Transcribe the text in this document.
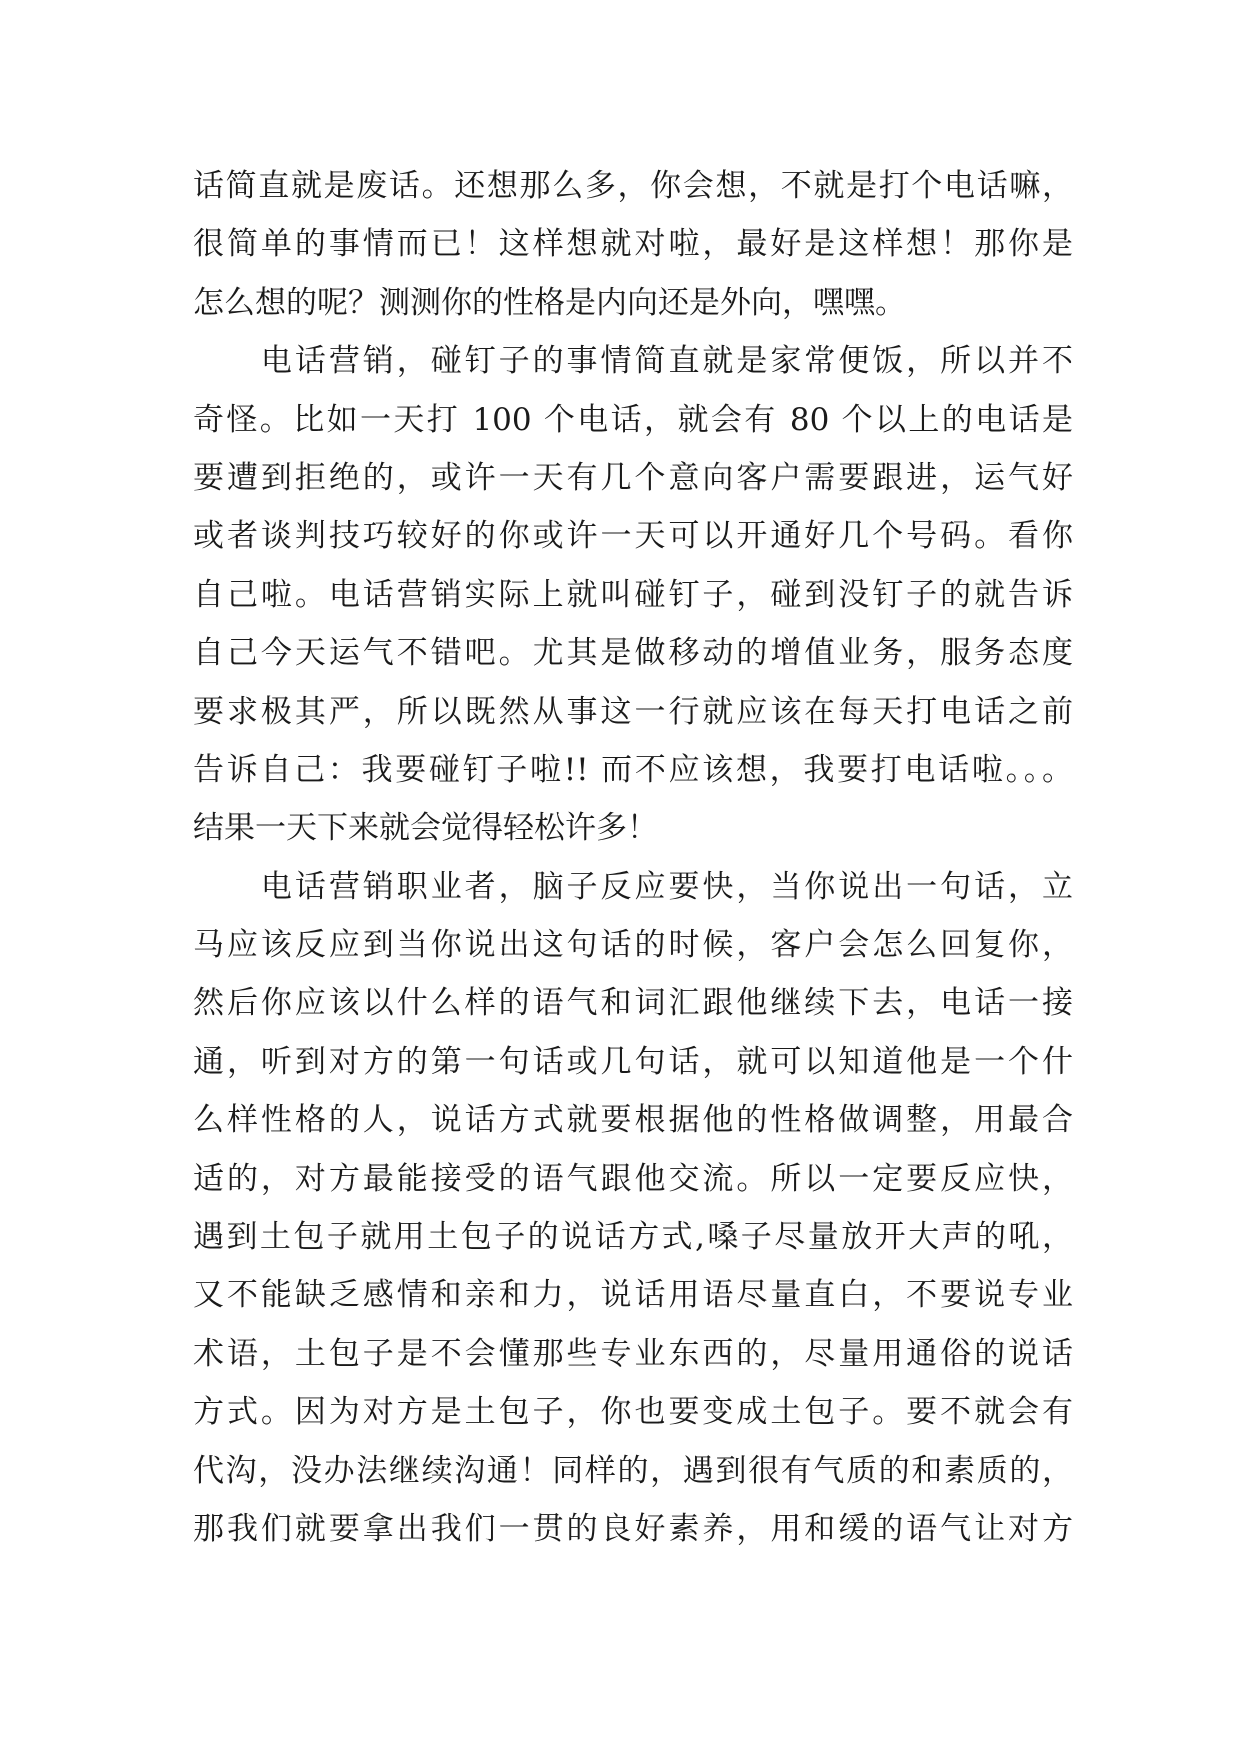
话简直就是废话。还想那么多，你会想，不就是打个电话嘛，
很简单的事情而已！这样想就对啦，最好是这样想！那你是
怎么想的呢？测测你的性格是内向还是外向，嘿嘿。
　　电话营销，碰钉子的事情简直就是家常便饭，所以并不
奇怪。比如一天打 100 个电话，就会有 80 个以上的电话是
要遭到拒绝的，或许一天有几个意向客户需要跟进，运气好
或者谈判技巧较好的你或许一天可以开通好几个号码。看你
自己啦。电话营销实际上就叫碰钉子，碰到没钉子的就告诉
自己今天运气不错吧。尤其是做移动的增值业务，服务态度
要求极其严，所以既然从事这一行就应该在每天打电话之前
告诉自己：我要碰钉子啦!! 而不应该想，我要打电话啦。。。
结果一天下来就会觉得轻松许多！
　　电话营销职业者，脑子反应要快，当你说出一句话，立
马应该反应到当你说出这句话的时候，客户会怎么回复你，
然后你应该以什么样的语气和词汇跟他继续下去，电话一接
通，听到对方的第一句话或几句话，就可以知道他是一个什
么样性格的人，说话方式就要根据他的性格做调整，用最合
适的，对方最能接受的语气跟他交流。所以一定要反应快，
遇到土包子就用土包子的说话方式,嗓子尽量放开大声的吼，
又不能缺乏感情和亲和力，说话用语尽量直白，不要说专业
术语，土包子是不会懂那些专业东西的，尽量用通俗的说话
方式。因为对方是土包子，你也要变成土包子。要不就会有
代沟，没办法继续沟通！同样的，遇到很有气质的和素质的，
那我们就要拿出我们一贯的良好素养，用和缓的语气让对方
